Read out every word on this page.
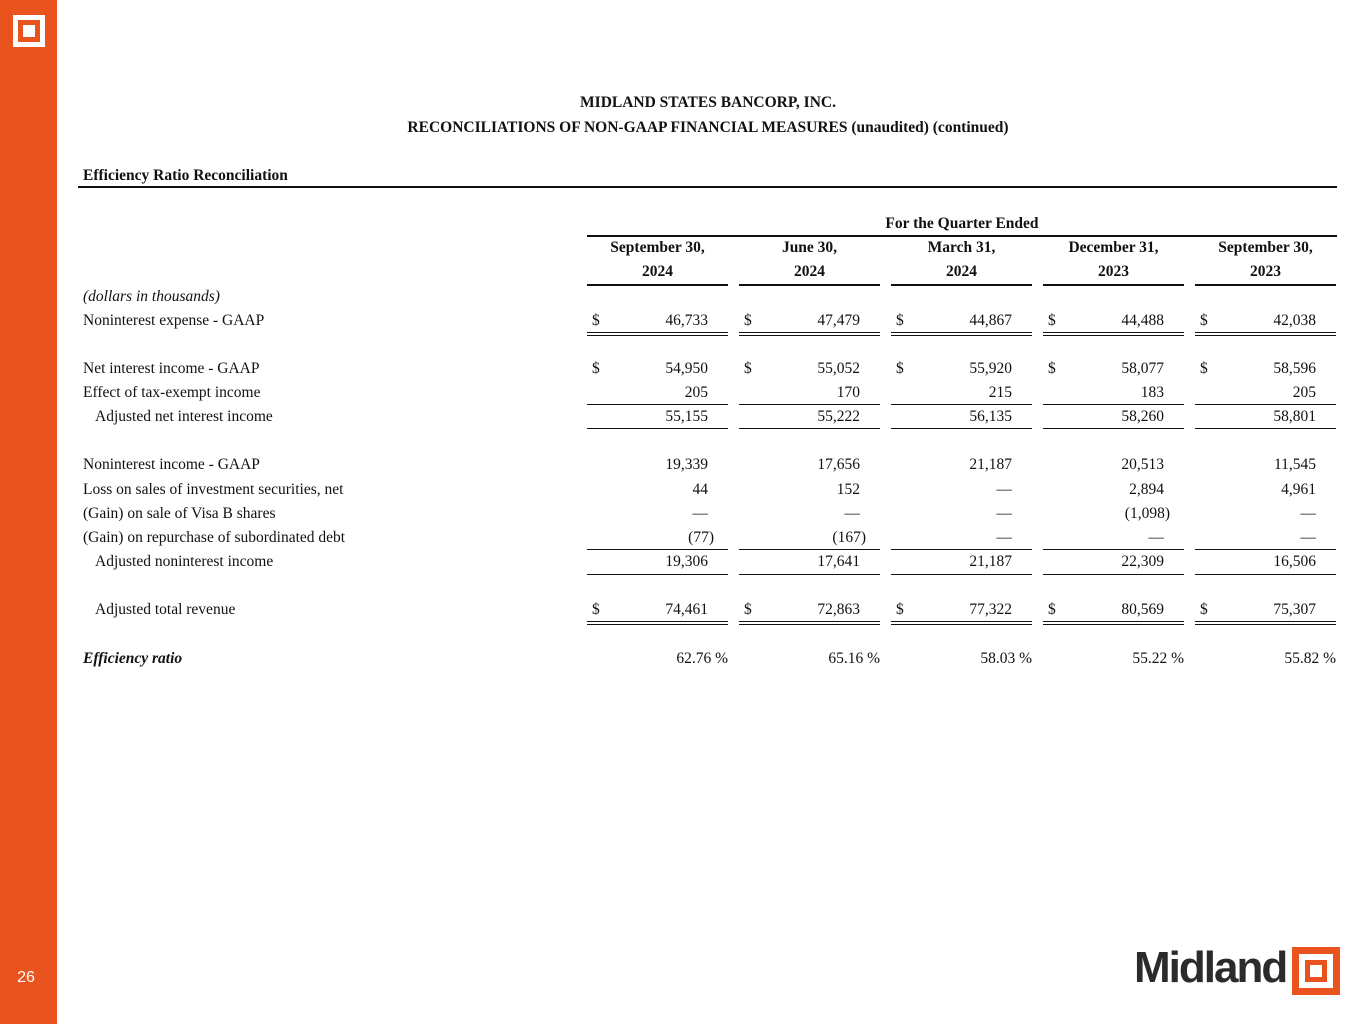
26
MIDLAND STATES BANCORP, INC.
RECONCILIATIONS OF NON-GAAP FINANCIAL MEASURES (unaudited) (continued)
Efficiency Ratio Reconciliation
For the Quarter Ended
(dollars in thousands)
September 30,
2024
June 30,
2024
March 31,
2024
December 31,
2023
September 30,
2023
Noninterest expense - GAAP	$	46,733 $	47,479 $	44,867 $	44,488 $	42,038
Net interest income - GAAP	$	54,950 $	55,052 $	55,920 $	58,077 $	58,596
Effect of tax-exempt income	205	170	215	183	205
Adjusted net interest income	55,155	55,222	56,135	58,260	58,801
Noninterest income - GAAP	19,339	17,656	21,187	20,513	11,545
Loss on sales of investment securities, net	44	152	—	2,894	4,961
(Gain) on sale of Visa B shares	—	—	—	(1,098)	—
(Gain) on repurchase of subordinated debt	(77)	(167)	—	—	—
Adjusted noninterest income	19,306	17,641	21,187	22,309	16,506
Adjusted total revenue	$	74,461 $	72,863 $	77,322 $	80,569 $	75,307
Efficiency ratio	62.76 %	65.16 %	58.03 %	55.22 %	55.82 %
Midland
